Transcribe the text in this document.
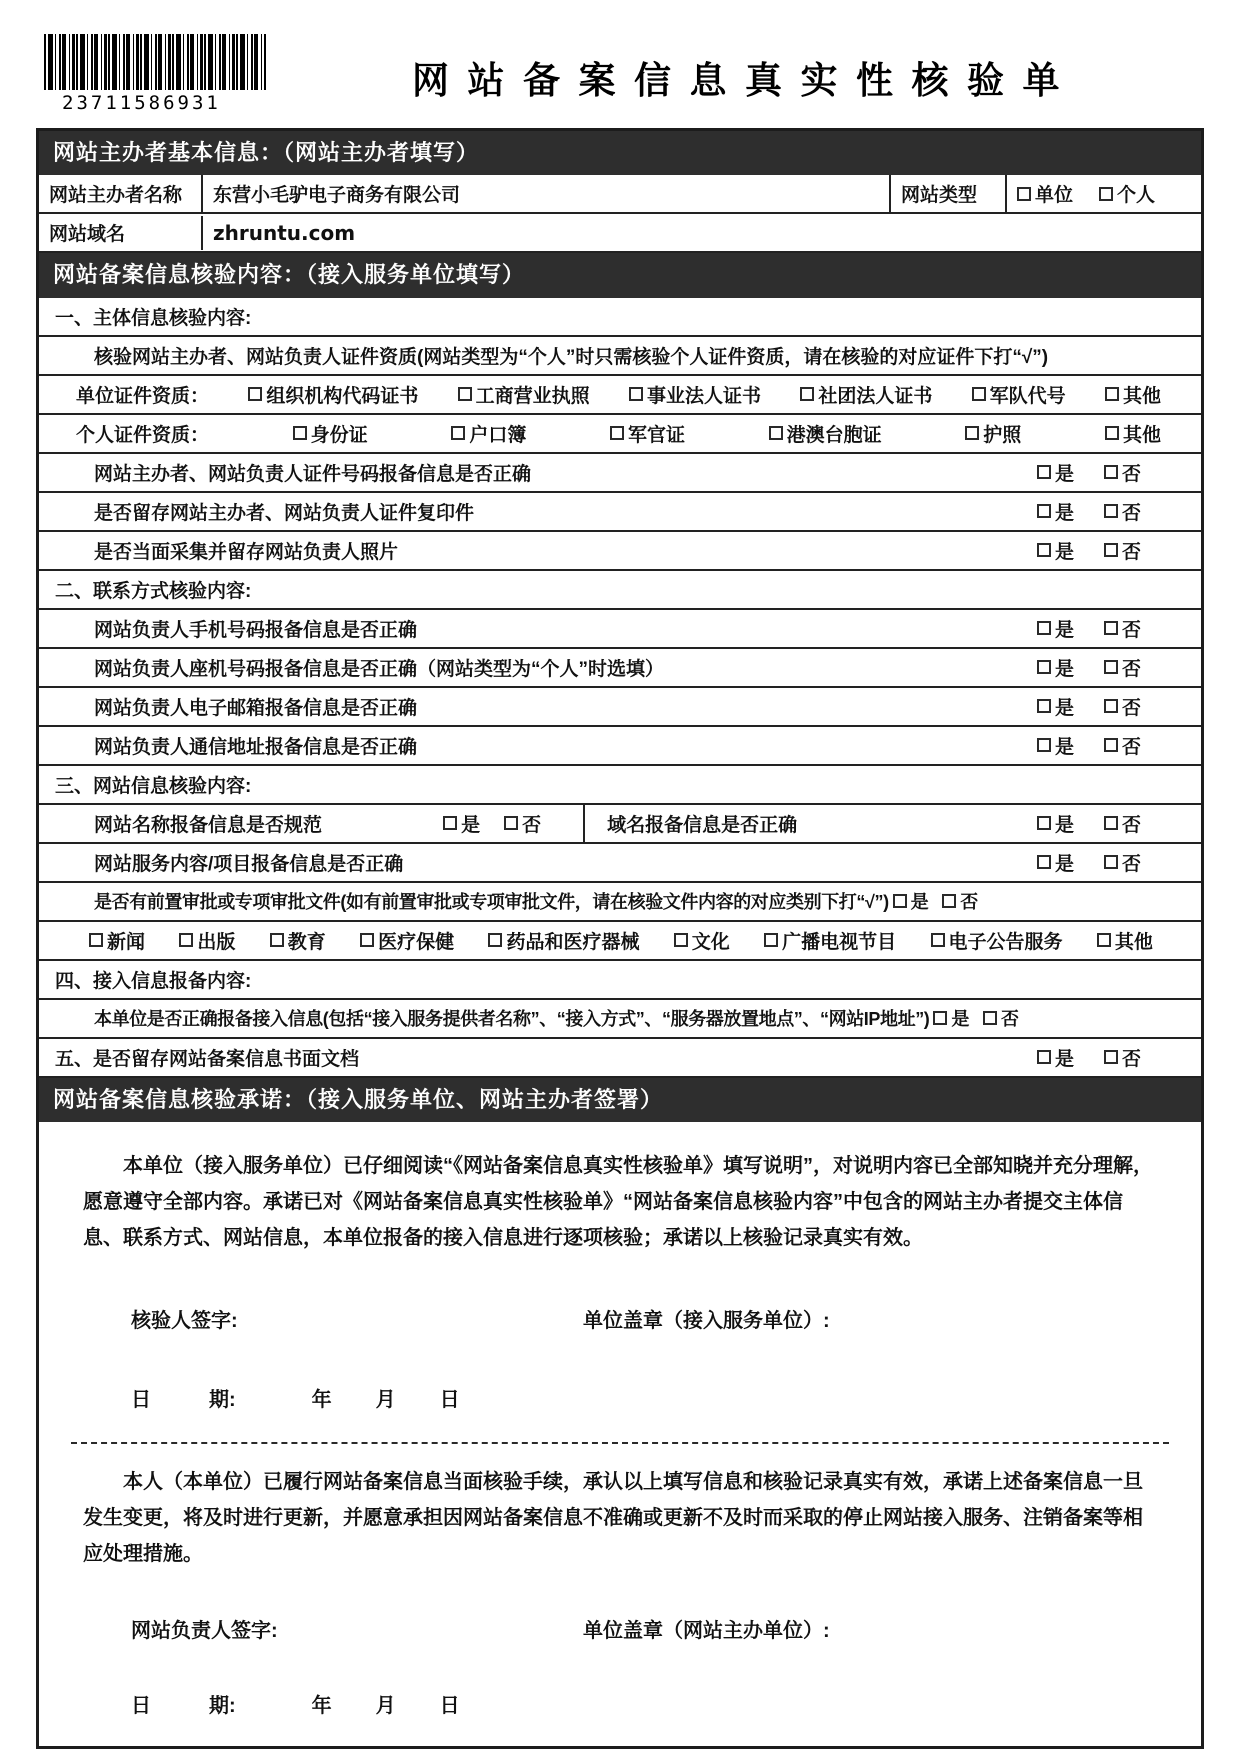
23711586931
网站备案信息真实性核验单
网站主办者基本信息：（网站主办者填写）
网站主办者名称	东营小毛驴电子商务有限公司	网站类型	单位 个人
网站域名	zhruntu.com
网站备案信息核验内容：（接入服务单位填写）
一、主体信息核验内容:
核验网站主办者、网站负责人证件资质(网站类型为“个人”时只需核验个人证件资质，请在核验的对应证件下打“√”)
单位证件资质：	组织机构代码证书	工商营业执照	事业法人证书	社团法人证书	军队代号	其他
个人证件资质：	身份证	户口簿	军官证	港澳台胞证	护照	其他
网站主办者、网站负责人证件号码报备信息是否正确	是	否
是否留存网站主办者、网站负责人证件复印件	是	否
是否当面采集并留存网站负责人照片	是	否
二、联系方式核验内容:
网站负责人手机号码报备信息是否正确	是	否
网站负责人座机号码报备信息是否正确（网站类型为“个人”时选填）	是	否
网站负责人电子邮箱报备信息是否正确	是	否
网站负责人通信地址报备信息是否正确	是	否
三、网站信息核验内容:
网站名称报备信息是否规范	是 否	域名报备信息是否正确	是	否
网站服务内容/项目报备信息是否正确	是	否
是否有前置审批或专项审批文件(如有前置审批或专项审批文件，请在核验文件内容的对应类别下打“√”) 是 否
新闻	出版	教育	医疗保健	药品和医疗器械	文化	广播电视节目	电子公告服务	其他
四、接入信息报备内容:
本单位是否正确报备接入信息(包括“接入服务提供者名称”、“接入方式”、“服务器放置地点”、“网站IP地址”) 是 否
五、是否留存网站备案信息书面文档	是	否
网站备案信息核验承诺：（接入服务单位、网站主办者签署）
本单位（接入服务单位）已仔细阅读“《网站备案信息真实性核验单》填写说明”，对说明内容已全部知晓并充分理解，愿意遵守全部内容。承诺已对《网站备案信息真实性核验单》“网站备案信息核验内容”中包含的网站主办者提交主体信息、联系方式、网站信息，本单位报备的接入信息进行逐项核验；承诺以上核验记录真实有效。
核验人签字:	单位盖章（接入服务单位）:
日	期:	年 月 日
本人（本单位）已履行网站备案信息当面核验手续，承认以上填写信息和核验记录真实有效，承诺上述备案信息一旦发生变更，将及时进行更新，并愿意承担因网站备案信息不准确或更新不及时而采取的停止网站接入服务、注销备案等相应处理措施。
网站负责人签字:	单位盖章（网站主办单位）:
日	期:	年 月 日
